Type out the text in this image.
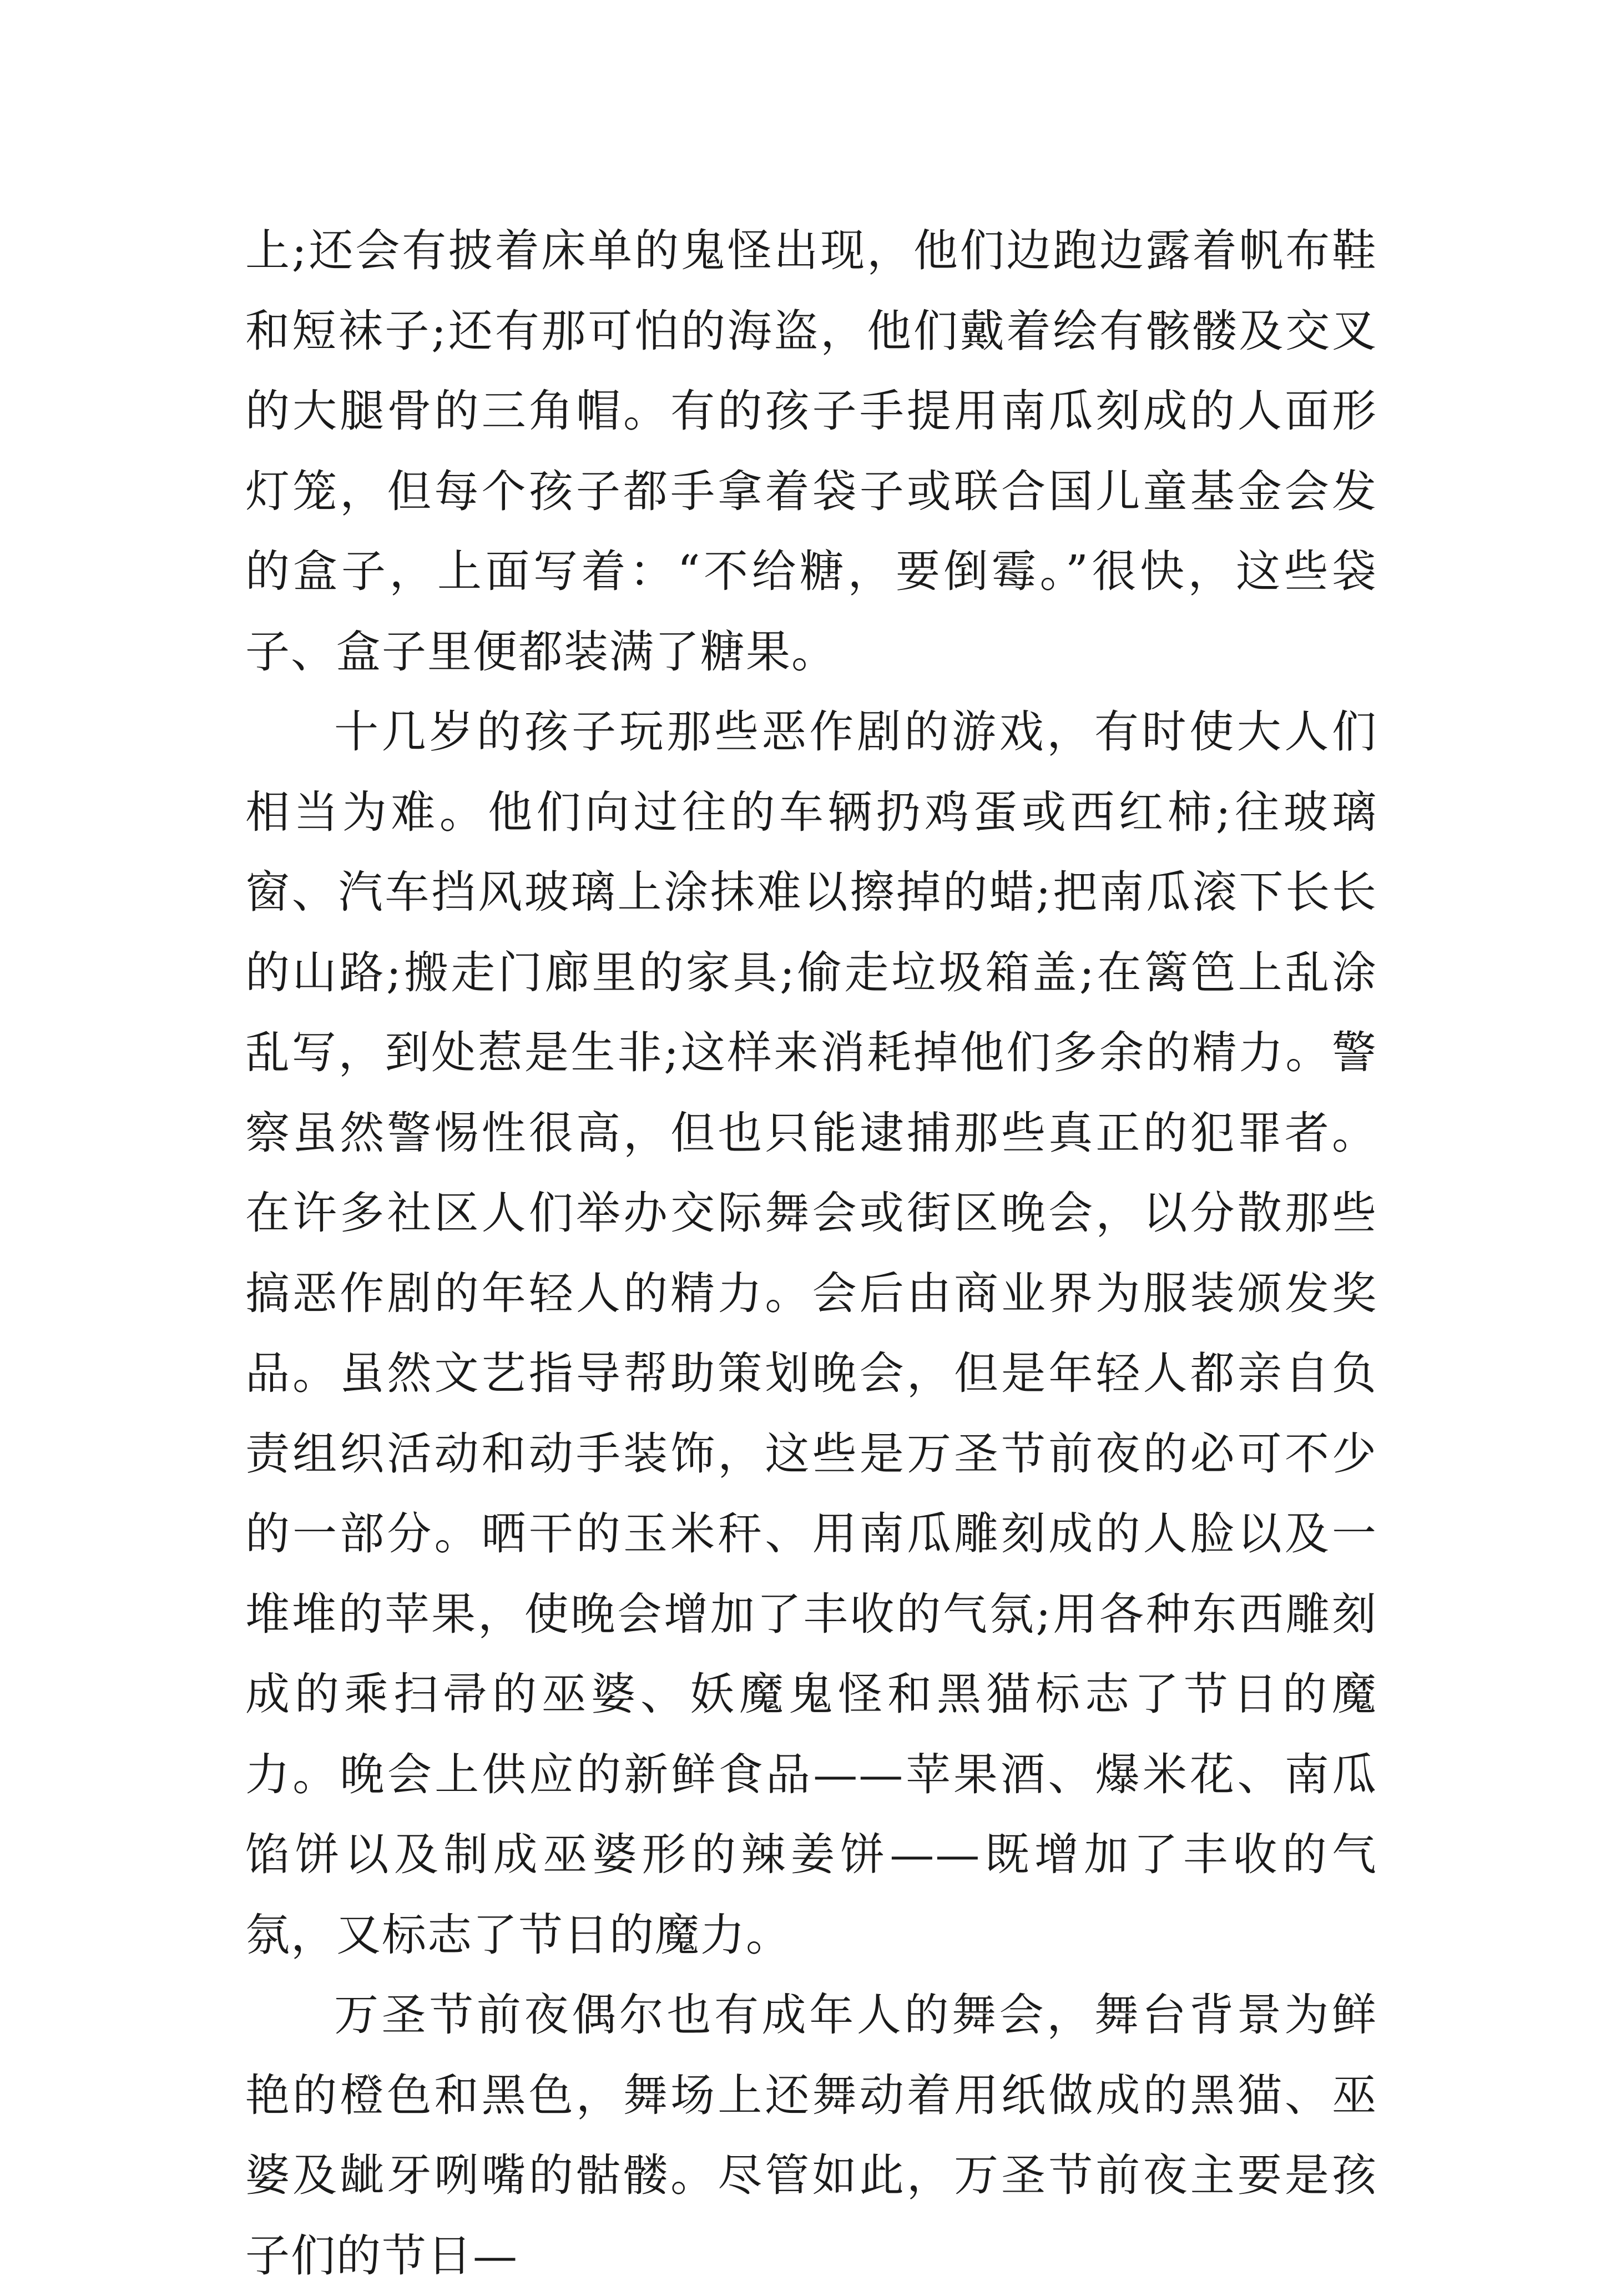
上;还会有披着床单的鬼怪出现，他们边跑边露着帆布鞋和短袜子;还有那可怕的海盗，他们戴着绘有骸髅及交叉的大腿骨的三角帽。有的孩子手提用南瓜刻成的人面形灯笼，但每个孩子都手拿着袋子或联合国儿童基金会发的盒子，上面写着：“不给糖，要倒霉。”很快，这些袋子、盒子里便都装满了糖果。

十几岁的孩子玩那些恶作剧的游戏，有时使大人们相当为难。他们向过往的车辆扔鸡蛋或西红柿;往玻璃窗、汽车挡风玻璃上涂抹难以擦掉的蜡;把南瓜滚下长长的山路;搬走门廊里的家具;偷走垃圾箱盖;在篱笆上乱涂乱写，到处惹是生非;这样来消耗掉他们多余的精力。警察虽然警惕性很高，但也只能逮捕那些真正的犯罪者。在许多社区人们举办交际舞会或街区晚会，以分散那些搞恶作剧的年轻人的精力。会后由商业界为服装颁发奖品。虽然文艺指导帮助策划晚会，但是年轻人都亲自负责组织活动和动手装饰，这些是万圣节前夜的必可不少的一部分。晒干的玉米秆、用南瓜雕刻成的人脸以及一堆堆的苹果，使晚会增加了丰收的气氛;用各种东西雕刻成的乘扫帚的巫婆、妖魔鬼怪和黑猫标志了节日的魔力。晚会上供应的新鲜食品——苹果酒、爆米花、南瓜馅饼以及制成巫婆形的辣姜饼——既增加了丰收的气氛，又标志了节日的魔力。

万圣节前夜偶尔也有成年人的舞会，舞台背景为鲜艳的橙色和黑色，舞场上还舞动着用纸做成的黑猫、巫婆及龇牙咧嘴的骷髅。尽管如此，万圣节前夜主要是孩子们的节日—
